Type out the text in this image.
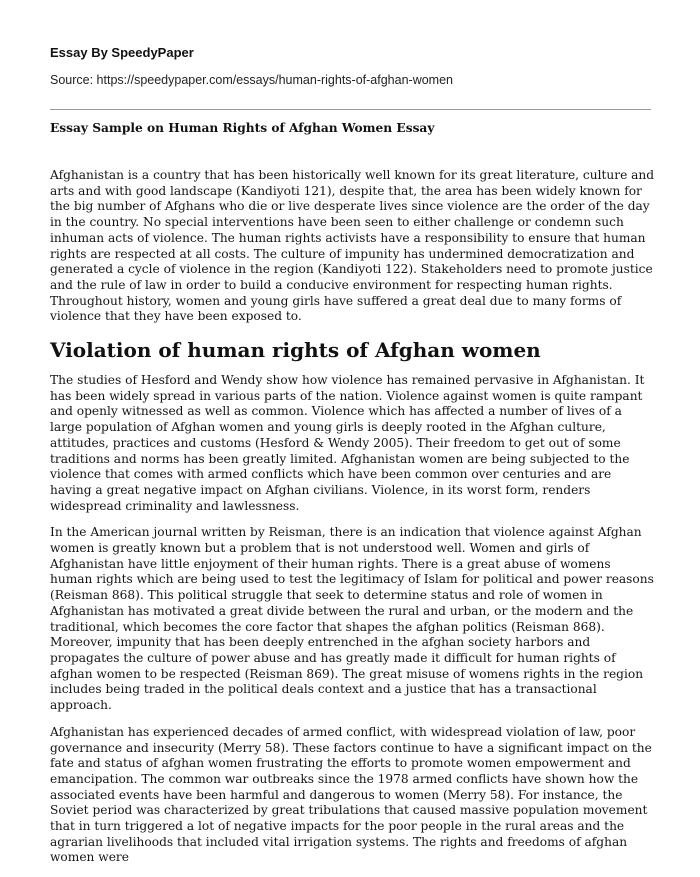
Essay By SpeedyPaper
Source: https://speedypaper.com/essays/human-rights-of-afghan-women
Essay Sample on Human Rights of Afghan Women Essay

Afghanistan is a country that has been historically well known for its great literature, culture and arts and with good landscape (Kandiyoti 121), despite that, the area has been widely known for the big number of Afghans who die or live desperate lives since violence are the order of the day in the country. No special interventions have been seen to either challenge or condemn such inhuman acts of violence. The human rights activists have a responsibility to ensure that human rights are respected at all costs. The culture of impunity has undermined democratization and generated a cycle of violence in the region (Kandiyoti 122). Stakeholders need to promote justice and the rule of law in order to build a conducive environment for respecting human rights. Throughout history, women and young girls have suffered a great deal due to many forms of violence that they have been exposed to.

Violation of human rights of Afghan women

The studies of Hesford and Wendy show how violence has remained pervasive in Afghanistan. It has been widely spread in various parts of the nation. Violence against women is quite rampant and openly witnessed as well as common. Violence which has affected a number of lives of a large population of Afghan women and young girls is deeply rooted in the Afghan culture, attitudes, practices and customs (Hesford & Wendy 2005). Their freedom to get out of some traditions and norms has been greatly limited. Afghanistan women are being subjected to the violence that comes with armed conflicts which have been common over centuries and are having a great negative impact on Afghan civilians. Violence, in its worst form, renders widespread criminality and lawlessness.

In the American journal written by Reisman, there is an indication that violence against Afghan women is greatly known but a problem that is not understood well. Women and girls of Afghanistan have little enjoyment of their human rights. There is a great abuse of womens human rights which are being used to test the legitimacy of Islam for political and power reasons (Reisman 868). This political struggle that seek to determine status and role of women in Afghanistan has motivated a great divide between the rural and urban, or the modern and the traditional, which becomes the core factor that shapes the afghan politics (Reisman 868). Moreover, impunity that has been deeply entrenched in the afghan society harbors and propagates the culture of power abuse and has greatly made it difficult for human rights of afghan women to be respected (Reisman 869). The great misuse of womens rights in the region includes being traded in the political deals context and a justice that has a transactional approach.

Afghanistan has experienced decades of armed conflict, with widespread violation of law, poor governance and insecurity (Merry 58). These factors continue to have a significant impact on the fate and status of afghan women frustrating the efforts to promote women empowerment and emancipation. The common war outbreaks since the 1978 armed conflicts have shown how the associated events have been harmful and dangerous to women (Merry 58). For instance, the Soviet period was characterized by great tribulations that caused massive population movement that in turn triggered a lot of negative impacts for the poor people in the rural areas and the agrarian livelihoods that included vital irrigation systems. The rights and freedoms of afghan women were
